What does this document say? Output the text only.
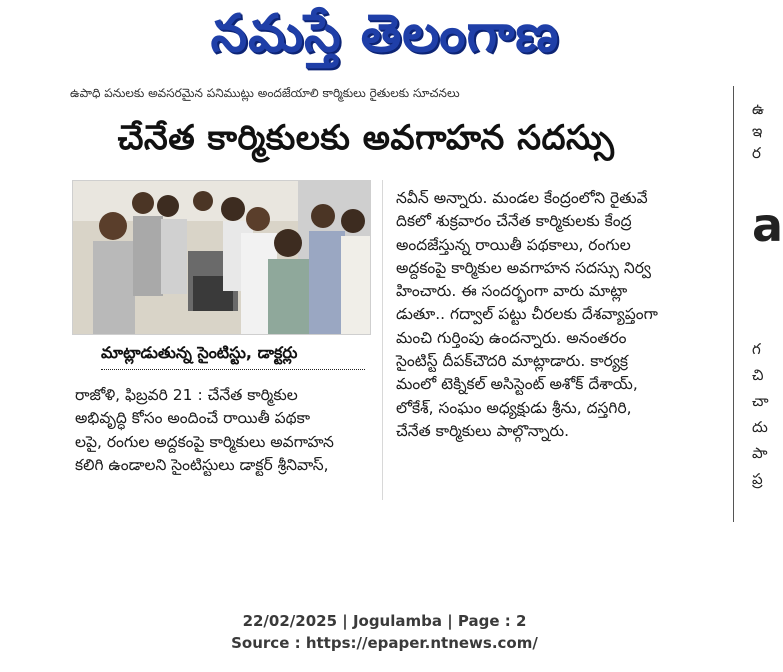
నమస్తే తెలంగాణ
ఉపాధి పనులకు అవసరమైన పనిముట్లు అందజేయాలి కార్మికులు రైతులకు సూచనలు
చేనేత కార్మికులకు అవగాహన సదస్సు
మాట్లాడుతున్న సైంటిస్టు, డాక్టర్లు
రాజోళి, ఫిబ్రవరి 21 : చేనేత కార్మికుల
అభివృద్ధి కోసం అందించే రాయితీ పథకా
లపై, రంగుల అద్దకంపై కార్మికులు అవగాహన
కలిగి ఉండాలని సైంటిస్టులు డాక్టర్ శ్రీనివాస్,
నవీన్ అన్నారు. మండల కేంద్రంలోని రైతువే
దికలో శుక్రవారం చేనేత కార్మికులకు కేంద్ర
అందజేస్తున్న రాయితీ పథకాలు, రంగుల
అద్దకంపై కార్మికుల అవగాహన సదస్సు నిర్వ
హించారు. ఈ సందర్భంగా వారు మాట్లా
డుతూ.. గద్వాల్ పట్టు చీరలకు దేశవ్యాప్తంగా
మంచి గుర్తింపు ఉందన్నారు. అనంతరం
సైంటిస్ట్ దీపక్‌చౌదరి మాట్లాడారు. కార్యక్ర
మంలో టెక్నికల్ అసిస్టెంట్ అశోక్ దేశాయ్,
లోకేశ్, సంఘం అధ్యక్షుడు శ్రీను, దస్తగిరి,
చేనేత కార్మికులు పాల్గొన్నారు.
ఉ
ఇ
ర
a
గ
చి
చా
దు
పా
ప్ర
22/02/2025 | Jogulamba | Page : 2
Source : https://epaper.ntnews.com/
